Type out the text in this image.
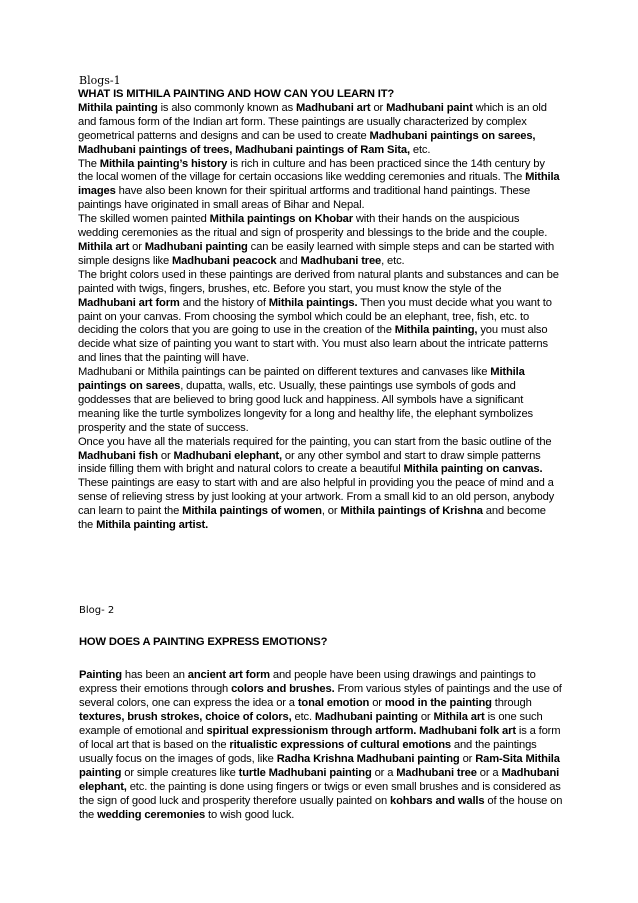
Blogs-1

WHAT IS MITHILA PAINTING AND HOW CAN YOU LEARN IT?

Mithila painting is also commonly known as Madhubani art or Madhubani paint which is an old and famous form of the Indian art form. These paintings are usually characterized by complex geometrical patterns and designs and can be used to create Madhubani paintings on sarees, Madhubani paintings of trees, Madhubani paintings of Ram Sita, etc.

The Mithila painting’s history is rich in culture and has been practiced since the 14th century by the local women of the village for certain occasions like wedding ceremonies and rituals. The Mithila images have also been known for their spiritual artforms and traditional hand paintings. These paintings have originated in small areas of Bihar and Nepal.

The skilled women painted Mithila paintings on Khobar with their hands on the auspicious wedding ceremonies as the ritual and sign of prosperity and blessings to the bride and the couple.

Mithila art or Madhubani painting can be easily learned with simple steps and can be started with simple designs like Madhubani peacock and Madhubani tree, etc.

The bright colors used in these paintings are derived from natural plants and substances and can be painted with twigs, fingers, brushes, etc. Before you start, you must know the style of the Madhubani art form and the history of Mithila paintings. Then you must decide what you want to paint on your canvas. From choosing the symbol which could be an elephant, tree, fish, etc. to deciding the colors that you are going to use in the creation of the Mithila painting, you must also decide what size of painting you want to start with. You must also learn about the intricate patterns and lines that the painting will have.

Madhubani or Mithila paintings can be painted on different textures and canvases like Mithila paintings on sarees, dupatta, walls, etc. Usually, these paintings use symbols of gods and goddesses that are believed to bring good luck and happiness. All symbols have a significant meaning like the turtle symbolizes longevity for a long and healthy life, the elephant symbolizes prosperity and the state of success.

Once you have all the materials required for the painting, you can start from the basic outline of the Madhubani fish or Madhubani elephant, or any other symbol and start to draw simple patterns inside filling them with bright and natural colors to create a beautiful Mithila painting on canvas.

These paintings are easy to start with and are also helpful in providing you the peace of mind and a sense of relieving stress by just looking at your artwork. From a small kid to an old person, anybody can learn to paint the Mithila paintings of women, or Mithila paintings of Krishna and become the Mithila painting artist.

Blog- 2
HOW DOES A PAINTING EXPRESS EMOTIONS?

Painting has been an ancient art form and people have been using drawings and paintings to express their emotions through colors and brushes. From various styles of paintings and the use of several colors, one can express the idea or a tonal emotion or mood in the painting through textures, brush strokes, choice of colors, etc. Madhubani painting or Mithila art is one such example of emotional and spiritual expressionism through artform. Madhubani folk art is a form of local art that is based on the ritualistic expressions of cultural emotions and the paintings usually focus on the images of gods, like Radha Krishna Madhubani painting or Ram-Sita Mithila painting or simple creatures like turtle Madhubani painting or a Madhubani tree or a Madhubani elephant, etc. the painting is done using fingers or twigs or even small brushes and is considered as the sign of good luck and prosperity therefore usually painted on kohbars and walls of the house on the wedding ceremonies to wish good luck.
